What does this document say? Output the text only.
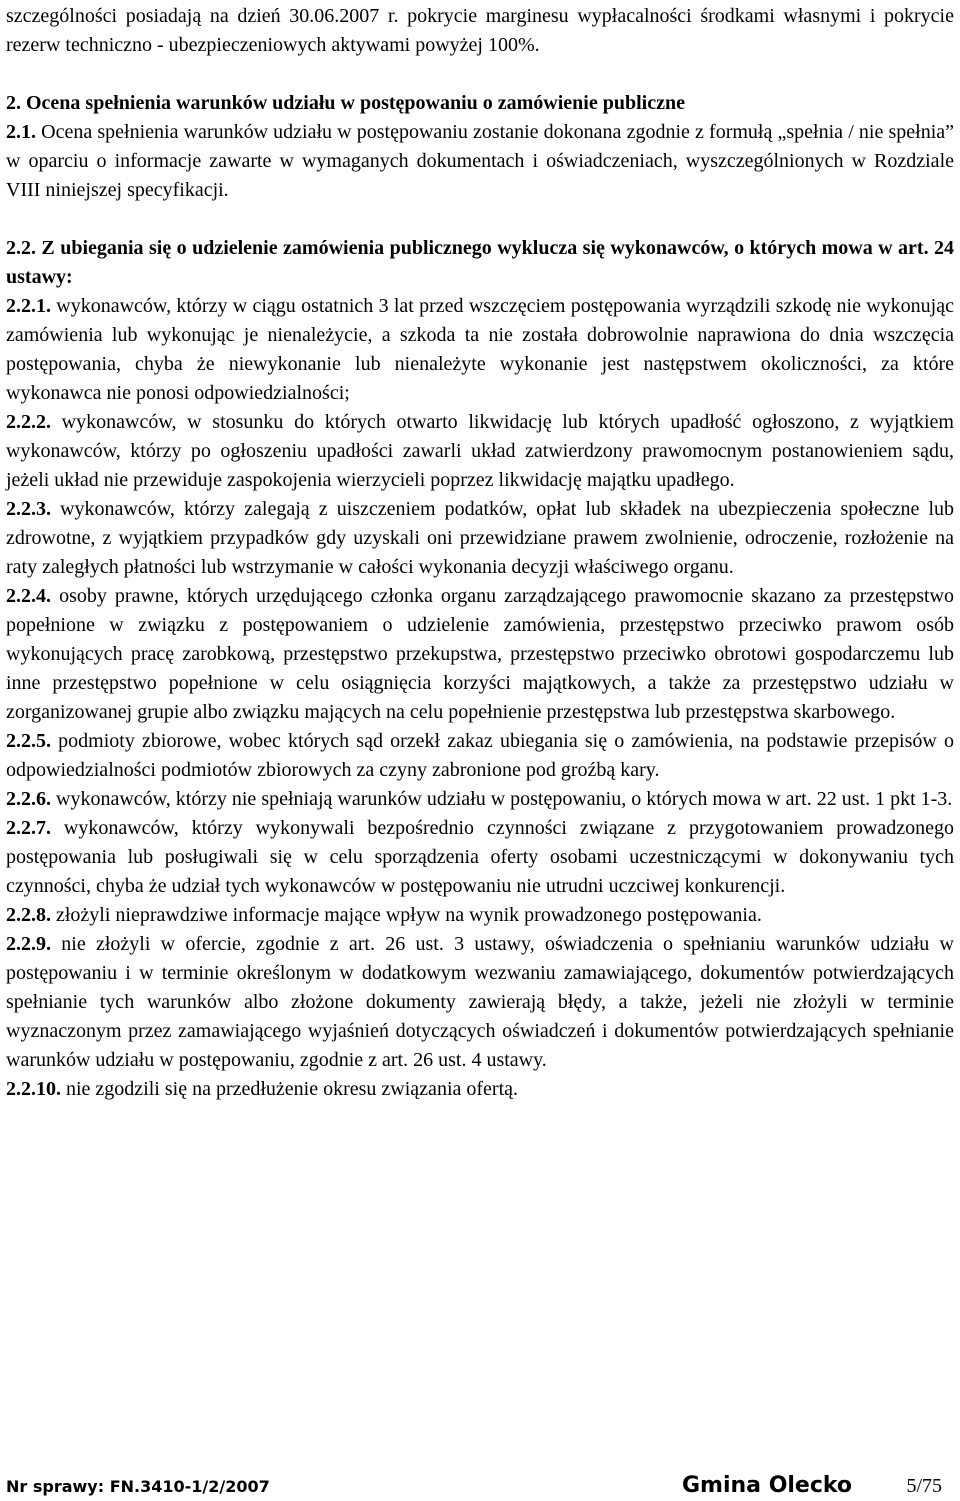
szczególności posiadają na dzień 30.06.2007 r. pokrycie marginesu wypłacalności środkami własnymi i pokrycie rezerw techniczno - ubezpieczeniowych aktywami powyżej 100%.

2. Ocena spełnienia warunków udziału w postępowaniu o zamówienie publiczne

2.1. Ocena spełnienia warunków udziału w postępowaniu zostanie dokonana zgodnie z formułą „spełnia / nie spełnia” w oparciu o informacje zawarte w wymaganych dokumentach i oświadczeniach, wyszczególnionych w Rozdziale VIII niniejszej specyfikacji.

2.2. Z ubiegania się o udzielenie zamówienia publicznego wyklucza się wykonawców, o których mowa w art. 24 ustawy:

2.2.1. wykonawców, którzy w ciągu ostatnich 3 lat przed wszczęciem postępowania wyrządzili szkodę nie wykonując zamówienia lub wykonując je nienależycie, a szkoda ta nie została dobrowolnie naprawiona do dnia wszczęcia postępowania, chyba że niewykonanie lub nienależyte wykonanie jest następstwem okoliczności, za które wykonawca nie ponosi odpowiedzialności;

2.2.2. wykonawców, w stosunku do których otwarto likwidację lub których upadłość ogłoszono, z wyjątkiem wykonawców, którzy po ogłoszeniu upadłości zawarli układ zatwierdzony prawomocnym postanowieniem sądu, jeżeli układ nie przewiduje zaspokojenia wierzycieli poprzez likwidację majątku upadłego.

2.2.3. wykonawców, którzy zalegają z uiszczeniem podatków, opłat lub składek na ubezpieczenia społeczne lub zdrowotne, z wyjątkiem przypadków gdy uzyskali oni przewidziane prawem zwolnienie, odroczenie, rozłożenie na raty zaległych płatności lub wstrzymanie w całości wykonania decyzji właściwego organu.

2.2.4. osoby prawne, których urzędującego członka organu zarządzającego prawomocnie skazano za przestępstwo popełnione w związku z postępowaniem o udzielenie zamówienia, przestępstwo przeciwko prawom osób wykonujących pracę zarobkową, przestępstwo przekupstwa, przestępstwo przeciwko obrotowi gospodarczemu lub inne przestępstwo popełnione w celu osiągnięcia korzyści majątkowych, a także za przestępstwo udziału w zorganizowanej grupie albo związku mających na celu popełnienie przestępstwa lub przestępstwa skarbowego.

2.2.5. podmioty zbiorowe, wobec których sąd orzekł zakaz ubiegania się o zamówienia, na podstawie przepisów o odpowiedzialności podmiotów zbiorowych za czyny zabronione pod groźbą kary.

2.2.6. wykonawców, którzy nie spełniają warunków udziału w postępowaniu, o których mowa w art. 22 ust. 1 pkt 1-3.

2.2.7. wykonawców, którzy wykonywali bezpośrednio czynności związane z przygotowaniem prowadzonego postępowania lub posługiwali się w celu sporządzenia oferty osobami uczestniczącymi w dokonywaniu tych czynności, chyba że udział tych wykonawców w postępowaniu nie utrudni uczciwej konkurencji.

2.2.8. złożyli nieprawdziwe informacje mające wpływ na wynik prowadzonego postępowania.

2.2.9. nie złożyli w ofercie, zgodnie z art. 26 ust. 3 ustawy, oświadczenia o spełnianiu warunków udziału w postępowaniu i w terminie określonym w dodatkowym wezwaniu zamawiającego, dokumentów potwierdzających spełnianie tych warunków albo złożone dokumenty zawierają błędy, a także, jeżeli nie złożyli w terminie wyznaczonym przez zamawiającego wyjaśnień dotyczących oświadczeń i dokumentów potwierdzających spełnianie warunków udziału w postępowaniu, zgodnie z art. 26 ust. 4 ustawy.

2.2.10. nie zgodzili się na przedłużenie okresu związania ofertą.

Nr sprawy: FN.3410-1/2/2007	Gmina Olecko	5/75
